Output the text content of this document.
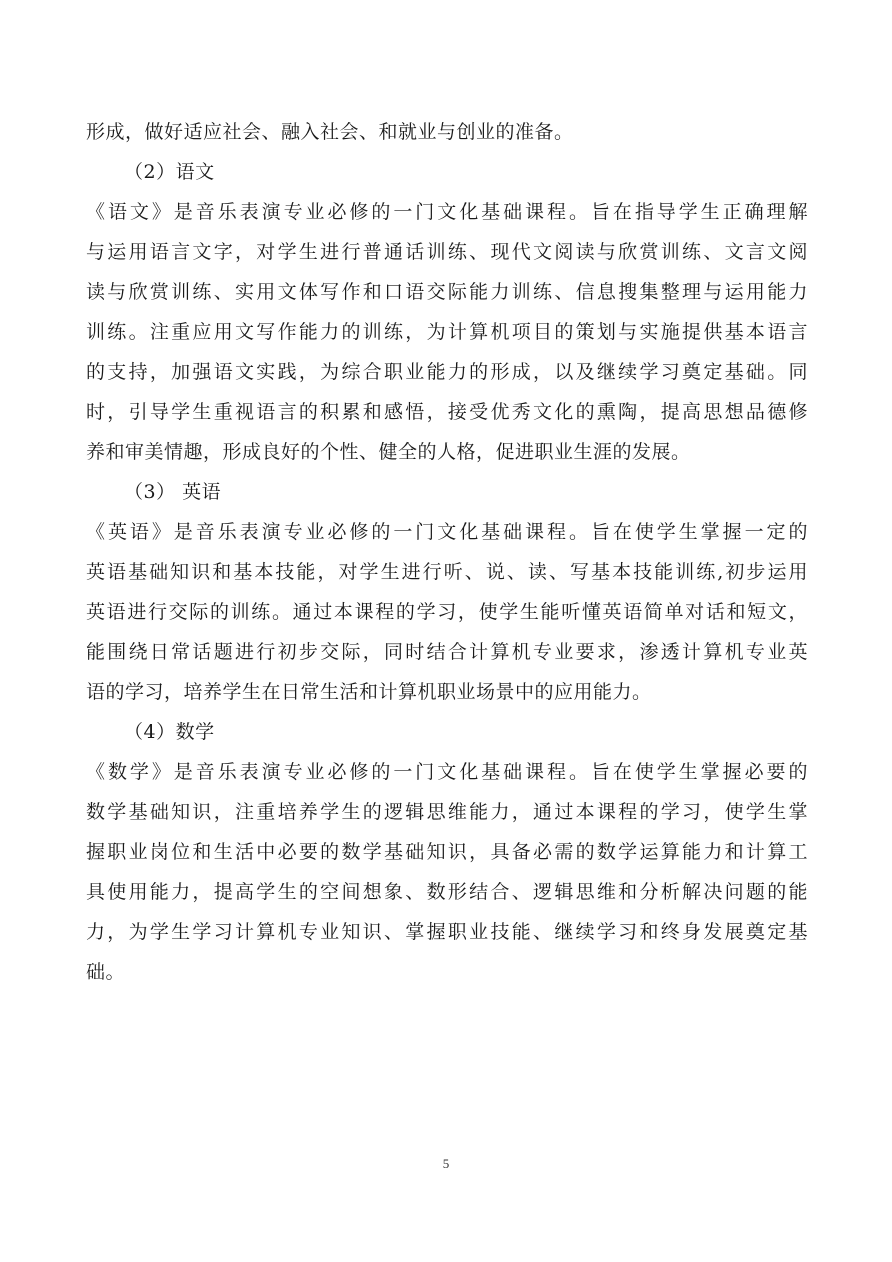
形成，做好适应社会、融入社会、和就业与创业的准备。
（2）语文
《语文》是音乐表演专业必修的一门文化基础课程。旨在指导学生正确理解
与运用语言文字，对学生进行普通话训练、现代文阅读与欣赏训练、文言文阅
读与欣赏训练、实用文体写作和口语交际能力训练、信息搜集整理与运用能力
训练。注重应用文写作能力的训练，为计算机项目的策划与实施提供基本语言
的支持，加强语文实践，为综合职业能力的形成，以及继续学习奠定基础。同
时，引导学生重视语言的积累和感悟，接受优秀文化的熏陶，提高思想品德修
养和审美情趣，形成良好的个性、健全的人格，促进职业生涯的发展。
（3） 英语
《英语》是音乐表演专业必修的一门文化基础课程。旨在使学生掌握一定的
英语基础知识和基本技能，对学生进行听、说、读、写基本技能训练,初步运用
英语进行交际的训练。通过本课程的学习，使学生能听懂英语简单对话和短文，
能围绕日常话题进行初步交际，同时结合计算机专业要求，渗透计算机专业英
语的学习，培养学生在日常生活和计算机职业场景中的应用能力。
（4）数学
《数学》是音乐表演专业必修的一门文化基础课程。旨在使学生掌握必要的
数学基础知识，注重培养学生的逻辑思维能力，通过本课程的学习，使学生掌
握职业岗位和生活中必要的数学基础知识，具备必需的数学运算能力和计算工
具使用能力，提高学生的空间想象、数形结合、逻辑思维和分析解决问题的能
力，为学生学习计算机专业知识、掌握职业技能、继续学习和终身发展奠定基
础。
5
